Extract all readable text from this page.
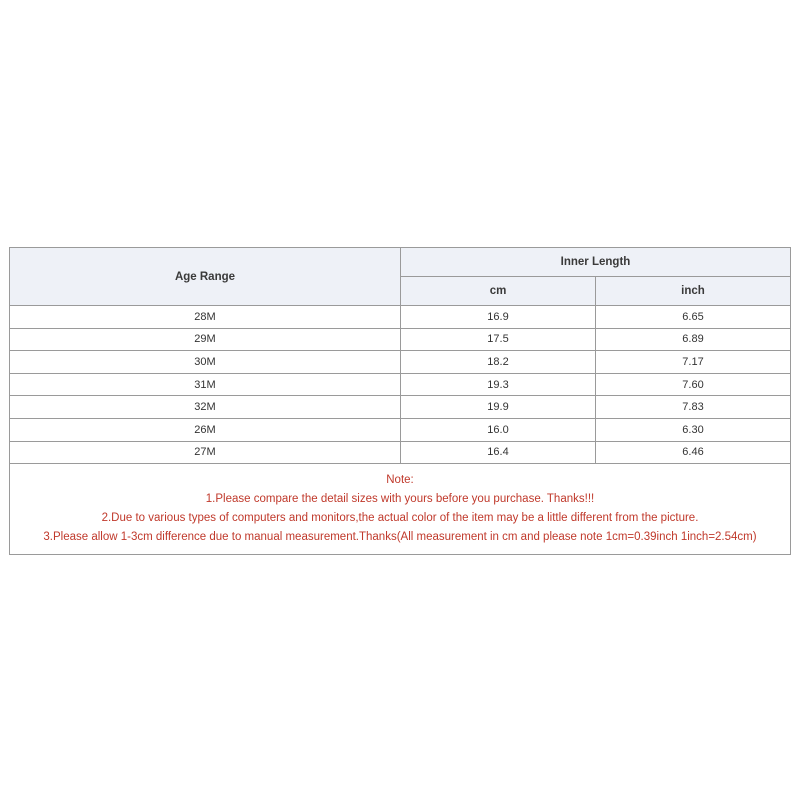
Age Range
Inner Length
cm	inch
28M	16.9	6.65
29M	17.5	6.89
30M	18.2	7.17
31M	19.3	7.60
32M	19.9	7.83
26M	16.0	6.30
27M	16.4	6.46
Note:
1.Please compare the detail sizes with yours before you purchase. Thanks!!!
2.Due to various types of computers and monitors,the actual color of the item may be a little different from the picture.
3.Please allow 1-3cm difference due to manual measurement.Thanks(All measurement in cm and please note 1cm=0.39inch 1inch=2.54cm)
